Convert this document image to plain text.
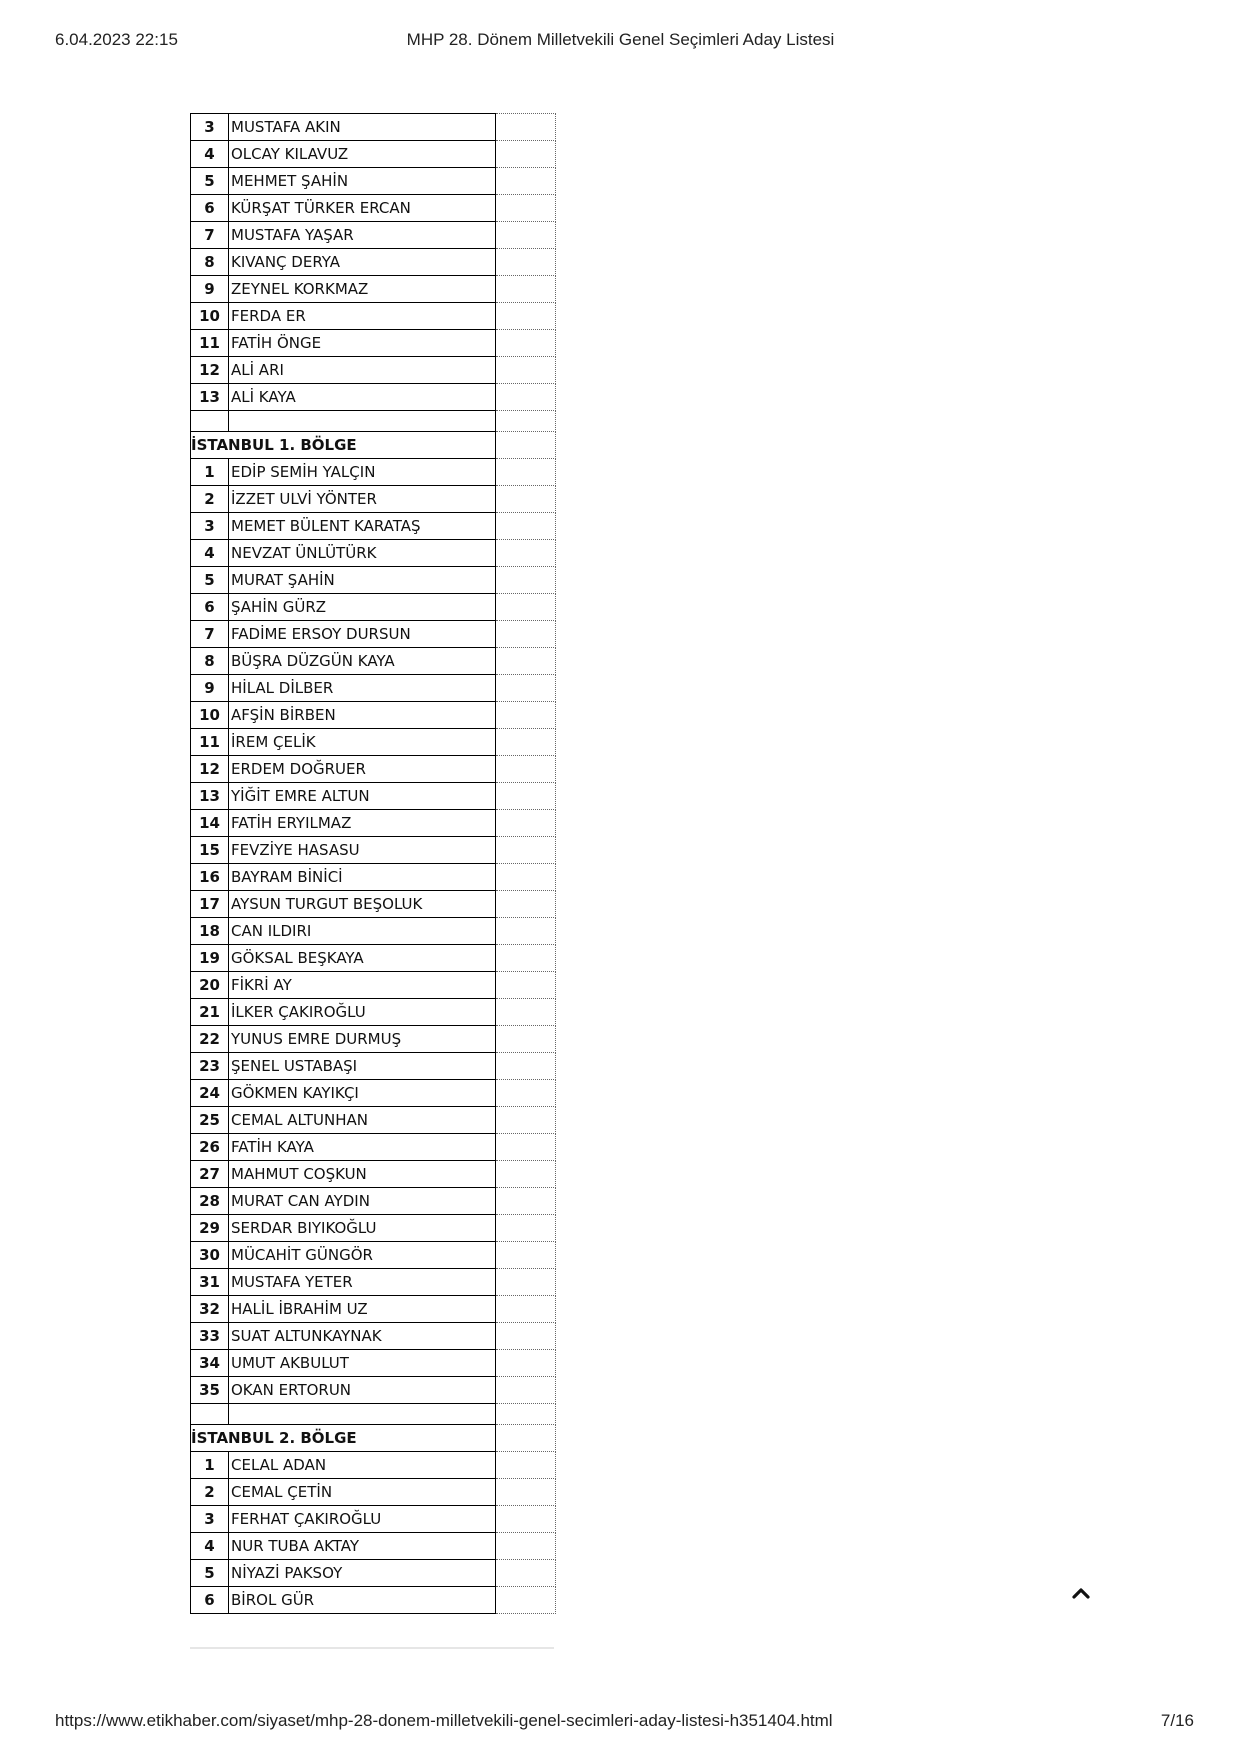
6.04.2023 22:15	MHP 28. Dönem Milletvekili Genel Seçimleri Aday Listesi
3	MUSTAFA AKIN	
4	OLCAY KILAVUZ	
5	MEHMET ŞAHİN	
6	KÜRŞAT TÜRKER ERCAN	
7	MUSTAFA YAŞAR	
8	KIVANÇ DERYA	
9	ZEYNEL KORKMAZ	
10	FERDA ER	
11	FATİH ÖNGE	
12	ALİ ARI	
13	ALİ KAYA	

İSTANBUL 1. BÖLGE		
1	EDİP SEMİH YALÇIN	
2	İZZET ULVİ YÖNTER	
3	MEMET BÜLENT KARATAŞ	
4	NEVZAT ÜNLÜTÜRK	
5	MURAT ŞAHİN	
6	ŞAHİN GÜRZ	
7	FADİME ERSOY DURSUN	
8	BÜŞRA DÜZGÜN KAYA	
9	HİLAL DİLBER	
10	AFŞİN BİRBEN	
11	İREM ÇELİK	
12	ERDEM DOĞRUER	
13	YİĞİT EMRE ALTUN	
14	FATİH ERYILMAZ	
15	FEVZİYE HASASU	
16	BAYRAM BİNİCİ	
17	AYSUN TURGUT BEŞOLUK	
18	CAN ILDIRI	
19	GÖKSAL BEŞKAYA	
20	FİKRİ AY	
21	İLKER ÇAKIROĞLU	
22	YUNUS EMRE DURMUŞ	
23	ŞENEL USTABAŞI	
24	GÖKMEN KAYIKÇI	
25	CEMAL ALTUNHAN	
26	FATİH KAYA	
27	MAHMUT COŞKUN	
28	MURAT CAN AYDIN	
29	SERDAR BIYIKOĞLU	
30	MÜCAHİT GÜNGÖR	
31	MUSTAFA YETER	
32	HALİL İBRAHİM UZ	
33	SUAT ALTUNKAYNAK	
34	UMUT AKBULUT	
35	OKAN ERTORUN	

İSTANBUL 2. BÖLGE		
1	CELAL ADAN	
2	CEMAL ÇETİN	
3	FERHAT ÇAKIROĞLU	
4	NUR TUBA AKTAY	
5	NİYAZİ PAKSOY	
6	BİROL GÜR	
https://www.etikhaber.com/siyaset/mhp-28-donem-milletvekili-genel-secimleri-aday-listesi-h351404.html	7/16
